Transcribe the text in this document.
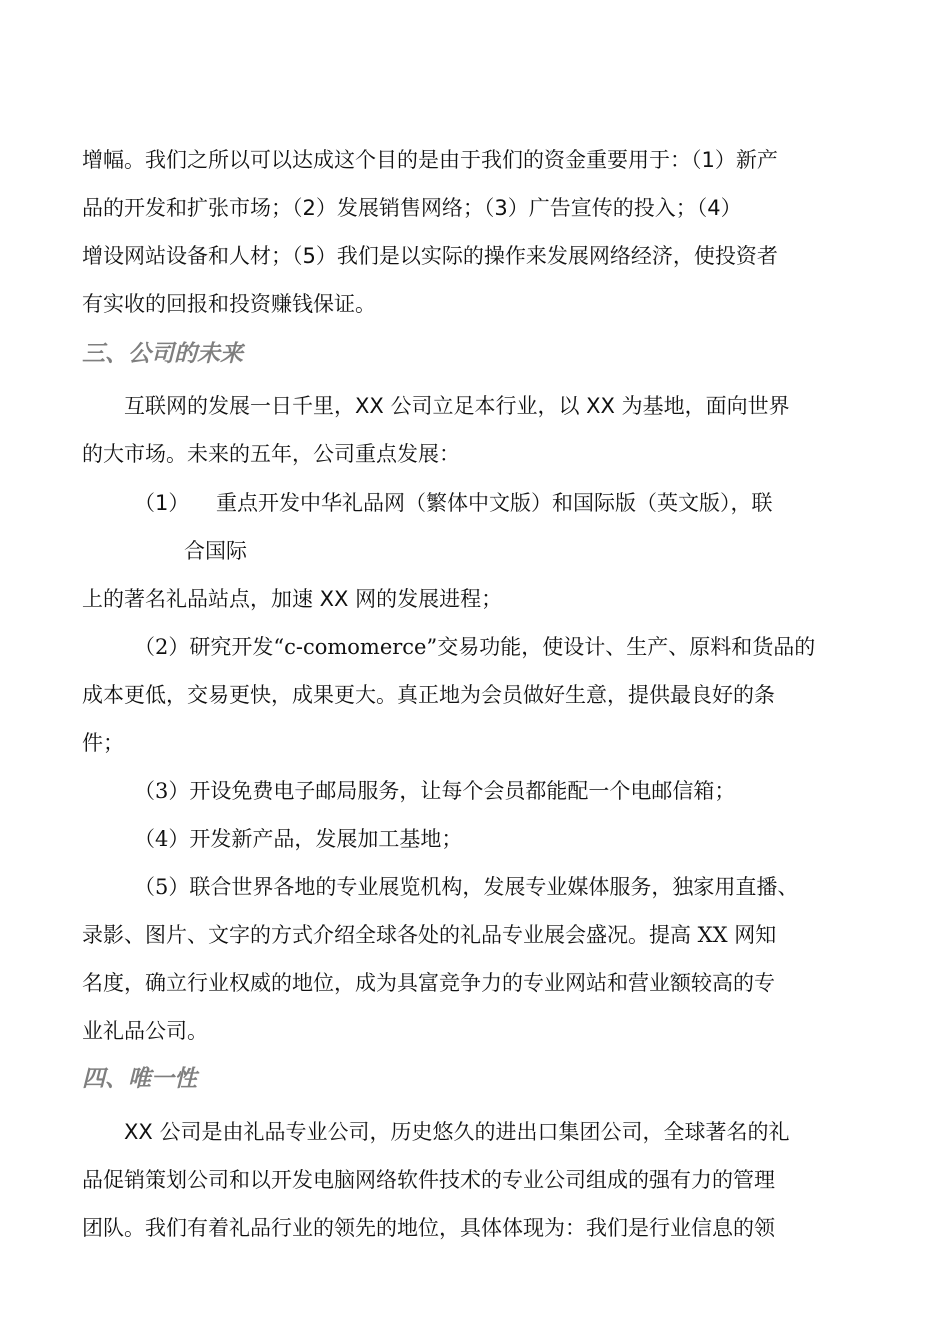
增幅。我们之所以可以达成这个目的是由于我们的资金重要用于：（1）新产
品的开发和扩张市场；（2）发展销售网络；（3）广告宣传的投入；（4）
增设网站设备和人材；（5）我们是以实际的操作来发展网络经济，使投资者
有实收的回报和投资赚钱保证。
三、公司的未来
互联网的发展一日千里，XX 公司立足本行业，以 XX 为基地，面向世界
的大市场。未来的五年，公司重点发展：
（1） 重点开发中华礼品网（繁体中文版）和国际版（英文版），联
合国际
上的著名礼品站点，加速 XX 网的发展进程；
（2）研究开发“c-comomerce”交易功能，使设计、生产、原料和货品的
成本更低，交易更快，成果更大。真正地为会员做好生意，提供最良好的条
件；
（3）开设免费电子邮局服务，让每个会员都能配一个电邮信箱；
（4）开发新产品，发展加工基地；
（5）联合世界各地的专业展览机构，发展专业媒体服务，独家用直播、
录影、图片、文字的方式介绍全球各处的礼品专业展会盛况。提高 XX 网知
名度，确立行业权威的地位，成为具富竞争力的专业网站和营业额较高的专
业礼品公司。
四、唯一性
XX 公司是由礼品专业公司，历史悠久的进出口集团公司，全球著名的礼
品促销策划公司和以开发电脑网络软件技术的专业公司组成的强有力的管理
团队。我们有着礼品行业的领先的地位，具体体现为：我们是行业信息的领
